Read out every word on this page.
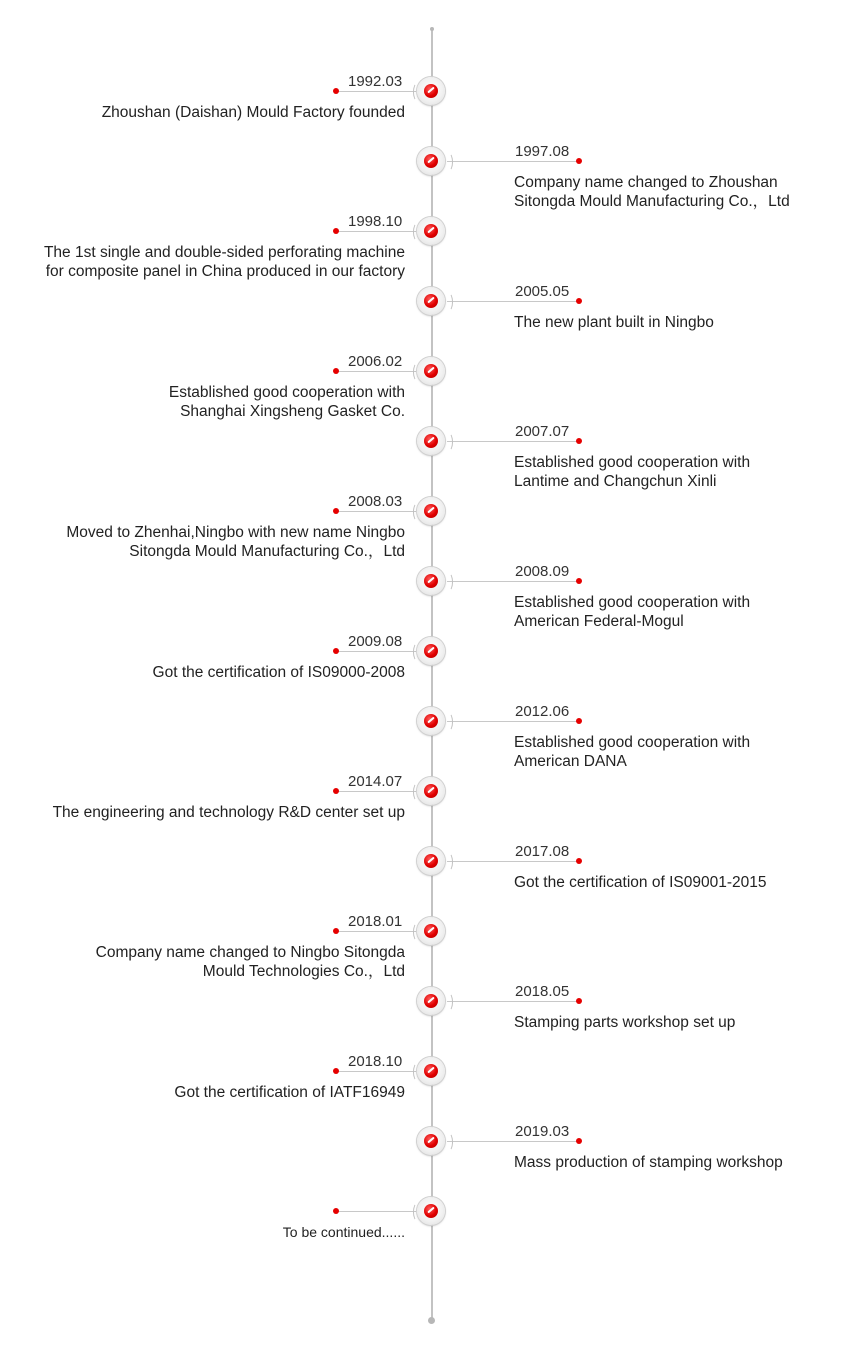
1992.03
Zhoushan (Daishan) Mould Factory founded
1997.08
Company name changed to Zhoushan
Sitongda Mould Manufacturing Co.，Ltd
1998.10
The 1st single and double-sided perforating machine
for composite panel in China produced in our factory
2005.05
The new plant built in Ningbo
2006.02
Established good cooperation with
Shanghai Xingsheng Gasket Co.
2007.07
Established good cooperation with
Lantime and Changchun Xinli
2008.03
Moved to Zhenhai,Ningbo with new name Ningbo
Sitongda Mould Manufacturing Co.，Ltd
2008.09
Established good cooperation with
American Federal-Mogul
2009.08
Got the certification of IS09000-2008
2012.06
Established good cooperation with
American DANA
2014.07
The engineering and technology R&D center set up
2017.08
Got the certification of IS09001-2015
2018.01
Company name changed to Ningbo Sitongda
Mould Technologies Co.，Ltd
2018.05
Stamping parts workshop set up
2018.10
Got the certification of IATF16949
2019.03
Mass production of stamping workshop
To be continued......
